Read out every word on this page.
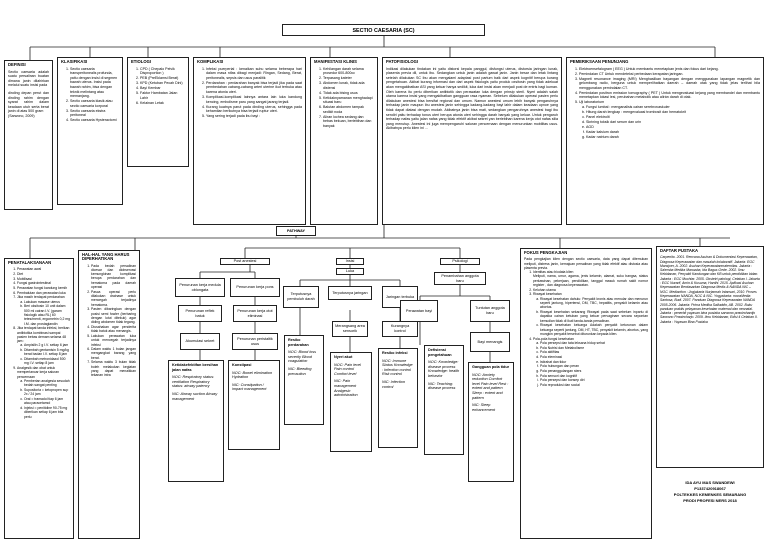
SECTIO CAESARIA (SC)
DEFINISI
Sectio caesaria adalah suatu persalinan buatan dimana janin dilahirkan melalui suatu insisi pada
dinding depan perut dan dinding rahim dengan syarat rahim dalam keadaan utuh serta berat janin di atas 500 gram
(Sarwono, 2009)
KLASIFIKASI
1. Sectio caesaria transperitonealis profunda, yaitu dengan insisi di segmen bawah uterus. Insisi pada bawah rahim, bisa dengan teknik melintang atau memanjang.
2. Sectio caesaria klasik atau sectio caesaria korporal
3. Sectio caesaria ekstra peritoneal
4. Sectio caesaria Hysteractomi
ETIOLOGI
1. CPD ( Chepalo Pelvik Disproportion )
2. PEB (PreEklamsi Berat)
3. KPD (Ketuban Pecah Dini)
4. Bayi Kembar
5. Faktor Hambatan Jalan Lahir
6. Kelainan Letak
KOMPLIKASI
1. Infeksi puerperial : kenaikan suhu selama beberapa hari dalam masa nifas dibagi menjadi: Ringan, Sedang, Berat, peritonealis, sepsis dan usus paralitik
2. Perdarahan : perdarahan banyak bisa terjadi jika pada saat pembedahan cabang-cabang arteri uterine ikut terbuka atau karena atonia uteri.
3. Komplikasi-komplikasi lainnya antara lain luka kandung kencing, embolisme paru yang sangat jarang terjadi.
4. Kurang kuatnya parut pada dinding uterus, sehingga pada kehamilan berikutnya bisa terjadi ruptur uteri.
5. Yang sering terjadi pada ibu bayi :
MANIFESTASI KLINIS
1. Kehilangan darah selama prosedur 600-800cc
2. Terpasang kateter
3. Abdomen lunak, tidak ada distensi
4. Tidak ada bising usus
5. Ketidaknyamanan menghadapi situasi baru
6. Balutan abdomen tampak sedikit noda
7. Aliran lochea sedang dan bebas bekuan, berlebihan dan banyak
PATOFISIOLOGI
Indikasi dilakukan tindakan ini yaitu distorsi kepala panggul, disfungsi uterus, distorsia jaringan lunak, plasenta previa dll, untuk ibu. Sedangkan untuk janin adalah gawat janin. Janin besar dan letak lintang setelah dilakukan SC ibu akan mengalami adaptasi post partum baik dari aspek kognitif berupa kurang pengetahuan. Akibat kurang informasi dan dari aspek fisiologis yaitu produk oxsitosin yang tidak adekuat akan mengakibatkan ASI yang keluar hanya sedikit, luka dari insisi akan menjadi post de entris bagi kuman. Oleh karena itu perlu diberikan antibiotik dan perawatan luka dengan prinsip steril. Nyeri adalah salah utama karena insisi yang mengakibatkan gangguan rasa nyaman. Sebelum dilakukan operasi pasien perlu dilakukan anestesi bisa bersifat regional dan umum. Namun anestesi umum lebih banyak pengaruhnya terhadap janin maupun ibu anestesi janin sehingga kadang-kadang bayi lahir dalam keadaan upnoe yang tidak dapat diatasi dengan mudah. Akibatnya janin bisa mati, sedangkan pengaruhnya anestesi bagi ibu sendiri yaitu terhadap tonus uteri berupa atonia uteri sehingga darah banyak yang keluar. Untuk pengaruh terhadap nafas yaitu jalan nafas yang tidak efektif akibat sekret yan berlebihan karena kerja otot nafas silia yang menutup. Anestesi ini juga mempengaruhi saluran pencernaan dengan menurunkan mobilitas usus. Akibatnya perlu klien ini ...
PEMERIKSAAN PENUNJANG
1. Elektroensefalogram ( EEG ) Untuk membantu menetapkan jenis dan fokus dari kejang.
2. Pemindaian CT Untuk mendeteksi perbedaan kerapatan jaringan.
3. Magneti resonance imaging (MRI) Menghasilkan bayangan dengan menggunakan lapangan magnetik dan gelombang radio, berguna untuk memperlihatkan daerah – daerah otak yang tidak jelas terlihat bila menggunakan pemindaian CT.
4. Pemindaian positron emission tomography ( PET ) Untuk mengevaluasi kejang yang membandel dan membantu menetapkan lokasi lesi, perubahan metabolik atau alirán darah di otak.
5. Uji laboratorium
a. Fungsi lumbal : menganalisis cairan serebrovaskuler
b. Hitung darah lengkap : mengevaluasi trombosit dan hematokrit
c. Panel elektrolit
d. Skrining toksik dari serum dan urin
e. AGD
f. Kadar kalsium darah
g. Kadar natrium darah
PENATALAKSANAAN
1. Perawatan awal
2. Diet
3. Mobilisasi
4. Fungsi gastrointestinal
5. Perawatan fungsi kandung kemih
6. Pembalutan dan perawatan luka
7. Jika masih terdapat perdarahan
a. Lakukan masase uterus
b. Beri oksitosin 10 unit dalam 500 ml cairan I.V. (garam fisiologik atau RL) 60 tetes/menit, ergometrin 0,2 mg I.M. dan prostaglandin
8. Jika terdapat tanda infeksi, berikan antibiotika kombinasi sampai pasien bebas demam selama 48 jam :
a. Ampisilin 2 g I.V. setiap 6 jam
b. Ditambah gentamisin 5 mg/kg berat badan I.V. setiap 8 jam
c. Ditambah metronidazol 500 mg I.V. setiap 8 jam
9. Analgesik dan obat untuk memperlancar kerja saluran pencernaan
a. Pemberian analgesia sesudah bedah sangat penting
b. Supositoria = ketopropen sup 2x / 24 jam
c. Oral = tramadol tiap 6 jam atau paracetamol
d. Injeksi = penitidine 90-75 mg diberikan setiap 6 jam bila perlu
HAL-HAL YANG HARUS DIPERHATIKAN
1. Pada bedah persalinan dicesar dan diobservasi kemungkinan komplikasi berupa perdarahan dan hematoma pada daerah operasi
2. Pasca operasi perlu dilakukan drainase untuk mencegah terjadinya hematoma.
3. Pasien dibaringkan dengan posisi semi fowler (berbaring dengan lutut ditekuk) agar diding abdomen tidak tegang.
4. Diusahakan agar penderita tidak batuk atau menangis.
5. Lakukan perawatan luka untuk mencegah terjadinya infeksi
6. Dalam waktu 1 bulan jangan mengangkat barang yang berat.
7. Selama waktu 3 bulan tidak boleh melakukan kegiatan yang dapat menaikkan tekanan intra
PATHWAY
Post anestesi	Insisi	Psikologi
Luka
Penurunan kerja medula oblongata
Penurunan kerja pons
Penurunan reflek batuk
Penurunan kerja otot eliminasi
Akumulasi sekret
Penurunan peristaltik usus
Terputusnya pembuluh darah
Terputusnya jaringan
Jaringan terbuka
Merangsang area sensorik
Kurangnya kontrol
Penambahan anggota baru
Perawatan bayi
Tuntutan anggota baru
Bayi menangis
Ketidakefektifan bersihan jalan nafas
NOC: Respiratory status: ventilation Respiratory status: airway patency
NIC: Airway suction Airway management
Konstipasi
NOC: Bowel elimination Hydration
NIC: Constipation / impact management
Resiko perdarahan
NOC: Blood loss severity Blood coagulation
NIC: Bleeding precaution
Nyeri akut
NOC: Pain level Pain control Comfort level
NIC: Pain management Analgesic administration
Resiko infeksi
NOC: Immune Status Knowledge : Infection control Risk control
NIC: Infection control
Defisiensi pengetahuan
NOC: Knowledge: disease process Knowledge: health behavior
NIC: Teaching: disease process
Gangguan pola tidur
NOC: Anxiety reduction Comfort level Pain level Rest : extent and pattern Sleep : extent and pattern
NIC: Sleep enhancement
FOKUS PENGKAJIAN
Pada pengkajian klien dengan sectio caesaria, data yang dapat ditemukan meliputi, distress janin, kemajuan persalinan yang tidak efektif atau distosia atau plasenta previa.
1. Identitas atau biodata klien
Meliputi, nama, umur, agama, jenis kelamin, alamat, suku bangsa, status perkawinan, pekerjaan, pendidikan, tanggal masuk rumah sakit nomor register , dan diagnosa keperawatan.
2. Keluhan utama
3. Riwayat kesehatan
a. Riwayat kesehatan dahulu: Penyakit kronis atau menular dan menurun seperti jantung, hipertensi, DM, TBC, hepatitis, penyakit kelamin atau abortus.
b. Riwayat kesehatan sekarang Riwayat pada saat sebelum inpartu di dapatka cairan ketuban yang keluar pervaginam secara sepontan kemudian tidak di ikuti tanda-tanda persalinan.
c. Riwayat kesehatan keluarga Adakah penyakit keturunan dalam keluarga seperti jantung, DM, HT, TBC, penyakit kelamin, abortus, yang mungkin penyakit tersebut diturunkan kepada klien.
4. Pola-pola fungsi kesehatan
a. Pola persepsi dan tata leksana hidup sehat
b. Pola Nutrisi dan Metabolisme
c. Pola aktifitas
d. Pola eleminasi
e. Istirahat dan tidur
f. Pola hubungan dan peran
g. Pola penanggulangan sters
h. Pola sensori dan kognitif
i. Pola persepsi dan konsep diri
j. Pola reproduksi dan social
DAFTAR PUSTAKA
Carpenito. 2001. Rencana Asuhan & Dokumentasi Keperawatan, Diagnosa Keperawatan dan masalah kolaboratif. Jakarta: EGC Mansjoer, A. 2002. Asuhan Keperawatanmaternitas. Jakarta : Salemba Medika Manuaba, Ida Bagus Gede. 2002. Ilmu Kebidanan, Penyakit Kandungan dan KB untuk pendidikan bidan. Jakarta : EGC Muchtar. 2005. Obstetri patologi, Cetakan I. Jakarta : EGC Nurarif, Amin & Kusuma, Hardhi. 2015. Aplikasi Asuhan Keperawatan Berdasarkan Diagnosa Medis & NANDA NIC – NOC. Mediaction : Jogjakarta Nurjannah Intansari, 2010. Proses Keperawatan NANDA, NOC & NIC. Yogyakarta: mocaMedia Santosa, Budi. 2007. Panduan Diagnosa Keperawatan NANDA 2005-2006. Jakarta: Prima Medika Saifuddin, AB. 2002. Buku panduan praktis pelayanan kesehatan maternal dan neonatal. Jakarta : penerbit yayasan bina pustaka sarwono prawirohardjo Sarwono Prawiroharjo. 2009. Ilmu Kebidanan, Edisi 4 Cetakan II. Jakarta : Yayasan Bina Pustaka
IDA AYU MAS SWANDEWI
P1337420918067
POLTEKKES KEMENKES SEMARANG
PRODI PROFESI NERS 2018
